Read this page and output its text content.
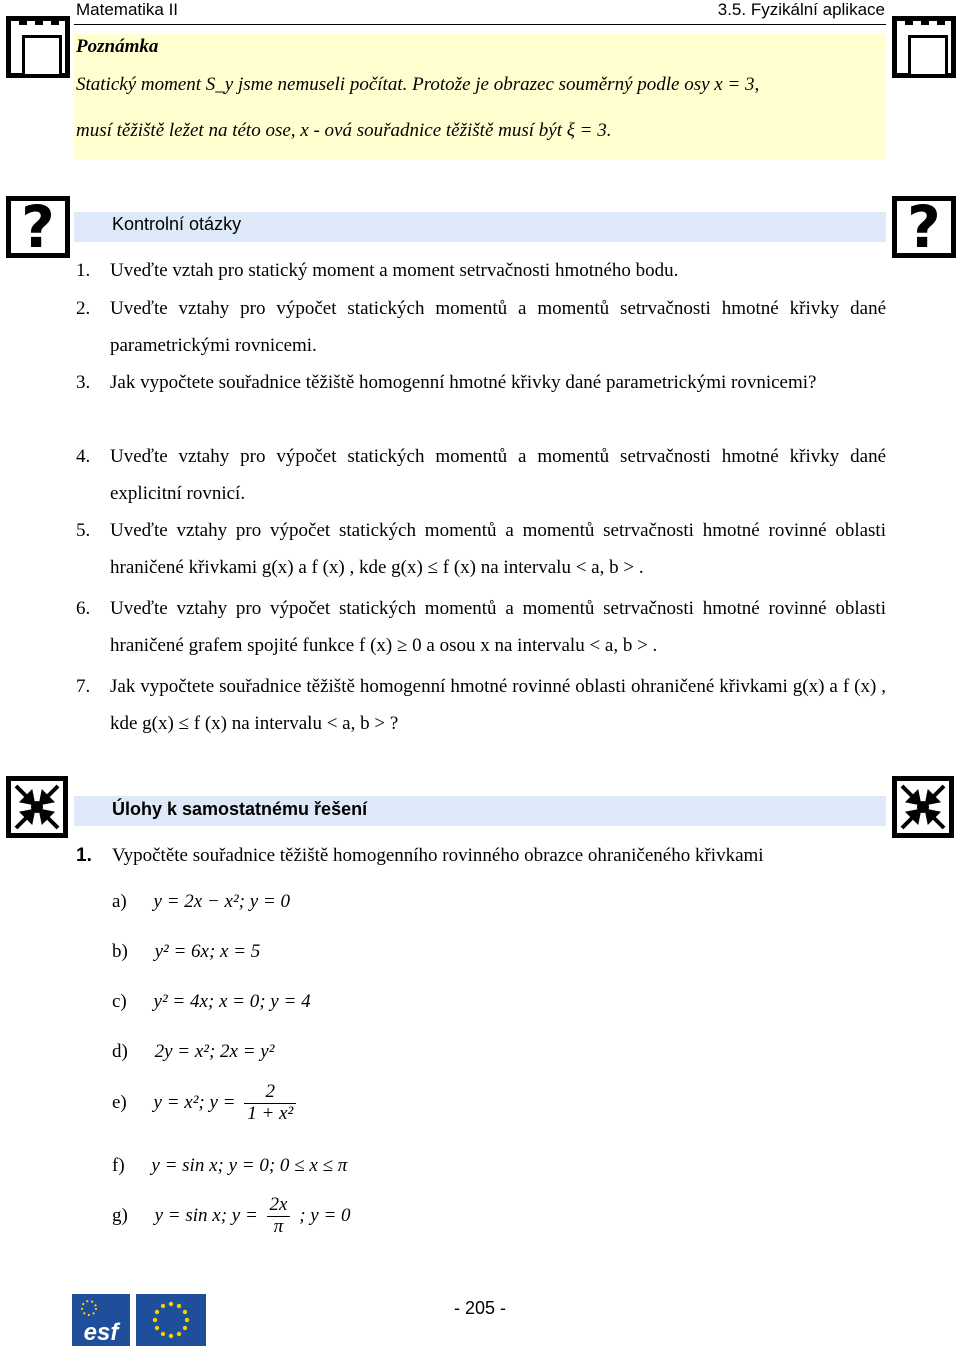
Matematika II	3.5. Fyzikální aplikace
Poznámka
Statický moment S_y jsme nemuseli počítat. Protože je obrazec souměrný podle osy x = 3,
musí těžiště ležet na této ose, x - ová souřadnice těžiště musí být ξ = 3.
?	?
Kontrolní otázky
1. Uveďte vztah pro statický moment a moment setrvačnosti hmotného bodu.
2. Uveďte vztahy pro výpočet statických momentů a momentů setrvačnosti hmotné křivky dané parametrickými rovnicemi.
3. Jak vypočtete souřadnice těžiště homogenní hmotné křivky dané parametrickými rovnicemi?
4. Uveďte vztahy pro výpočet statických momentů a momentů setrvačnosti hmotné křivky dané explicitní rovnicí.
5. Uveďte vztahy pro výpočet statických momentů a momentů setrvačnosti hmotné rovinné oblasti hraničené křivkami g(x) a f (x) , kde g(x) ≤ f (x) na intervalu < a, b > .
6. Uveďte vztahy pro výpočet statických momentů a momentů setrvačnosti hmotné rovinné oblasti hraničené grafem spojité funkce f (x) ≥ 0 a osou x na intervalu < a, b > .
7. Jak vypočtete souřadnice těžiště homogenní hmotné rovinné oblasti ohraničené křivkami g(x) a f (x) , kde g(x) ≤ f (x) na intervalu < a, b > ?
Úlohy k samostatnému řešení
1. Vypočtěte souřadnice těžiště homogenního rovinného obrazce ohraničeného křivkami
a) y = 2x − x²; y = 0
b) y² = 6x; x = 5
c) y² = 4x; x = 0; y = 4
d) 2y = x²; 2x = y²
e) y = x²; $y = \frac{2}{\text{1 + x²}}$
f) y = sin x; y = 0; 0 ≤ x ≤ π
g) y = sin x; $y = \frac{2x}{\pi}$ ; y = 0
esf
- 205 -
